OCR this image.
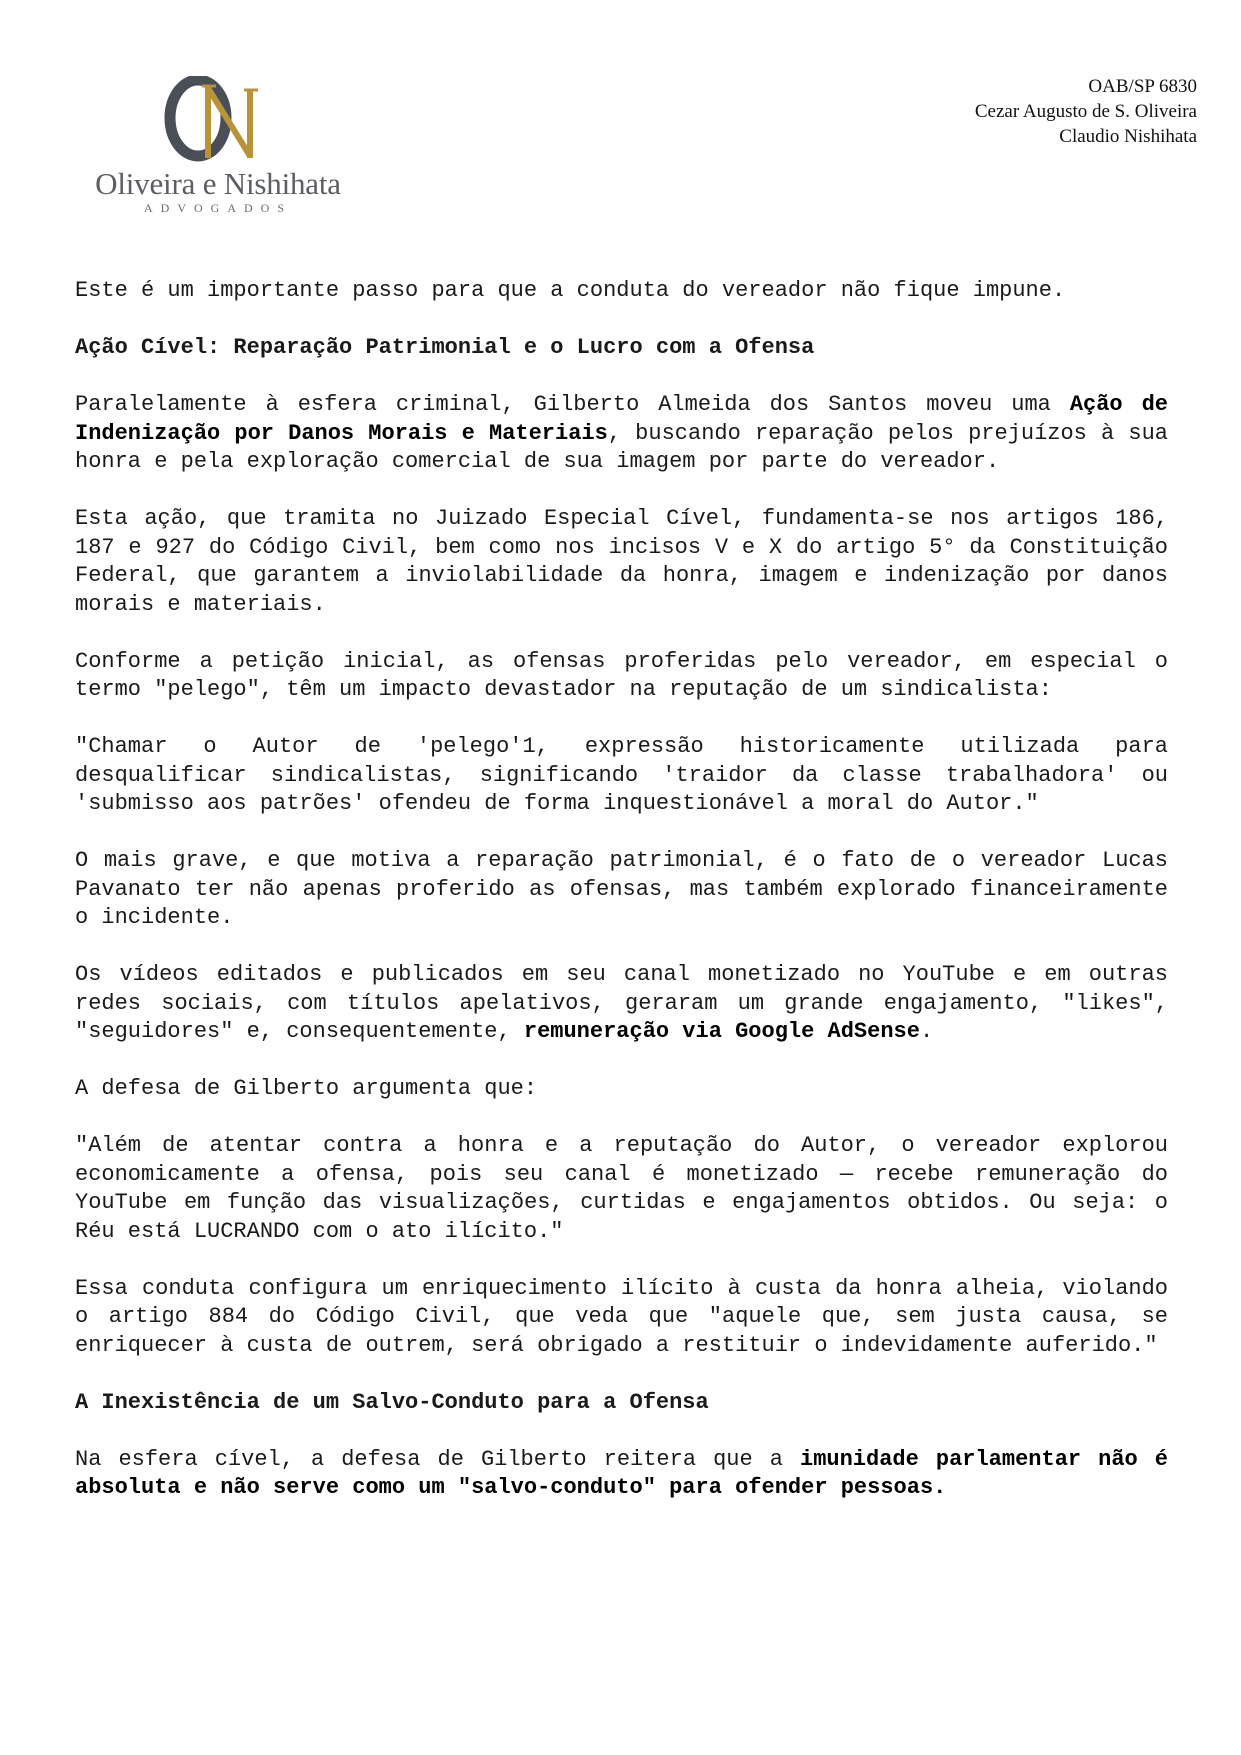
Oliveira e Nishihata
ADVOGADOS
OAB/SP 6830
Cezar Augusto de S. Oliveira
Claudio Nishihata

Este é um importante passo para que a conduta do vereador não fique impune.

Ação Cível: Reparação Patrimonial e o Lucro com a Ofensa

Paralelamente à esfera criminal, Gilberto Almeida dos Santos moveu uma Ação de Indenização por Danos Morais e Materiais, buscando reparação pelos prejuízos à sua honra e pela exploração comercial de sua imagem por parte do vereador.

Esta ação, que tramita no Juizado Especial Cível, fundamenta-se nos artigos 186, 187 e 927 do Código Civil, bem como nos incisos V e X do artigo 5° da Constituição Federal, que garantem a inviolabilidade da honra, imagem e indenização por danos morais e materiais.

Conforme a petição inicial, as ofensas proferidas pelo vereador, em especial o termo "pelego", têm um impacto devastador na reputação de um sindicalista:

"Chamar o Autor de 'pelego'1, expressão historicamente utilizada para desqualificar sindicalistas, significando 'traidor da classe trabalhadora' ou 'submisso aos patrões' ofendeu de forma inquestionável a moral do Autor."

O mais grave, e que motiva a reparação patrimonial, é o fato de o vereador Lucas Pavanato ter não apenas proferido as ofensas, mas também explorado financeiramente o incidente.

Os vídeos editados e publicados em seu canal monetizado no YouTube e em outras redes sociais, com títulos apelativos, geraram um grande engajamento, "likes", "seguidores" e, consequentemente, remuneração via Google AdSense.

A defesa de Gilberto argumenta que:

"Além de atentar contra a honra e a reputação do Autor, o vereador explorou economicamente a ofensa, pois seu canal é monetizado — recebe remuneração do YouTube em função das visualizações, curtidas e engajamentos obtidos. Ou seja: o Réu está LUCRANDO com o ato ilícito."

Essa conduta configura um enriquecimento ilícito à custa da honra alheia, violando o artigo 884 do Código Civil, que veda que "aquele que, sem justa causa, se enriquecer à custa de outrem, será obrigado a restituir o indevidamente auferido."

A Inexistência de um Salvo-Conduto para a Ofensa

Na esfera cível, a defesa de Gilberto reitera que a imunidade parlamentar não é absoluta e não serve como um "salvo-conduto" para ofender pessoas.
